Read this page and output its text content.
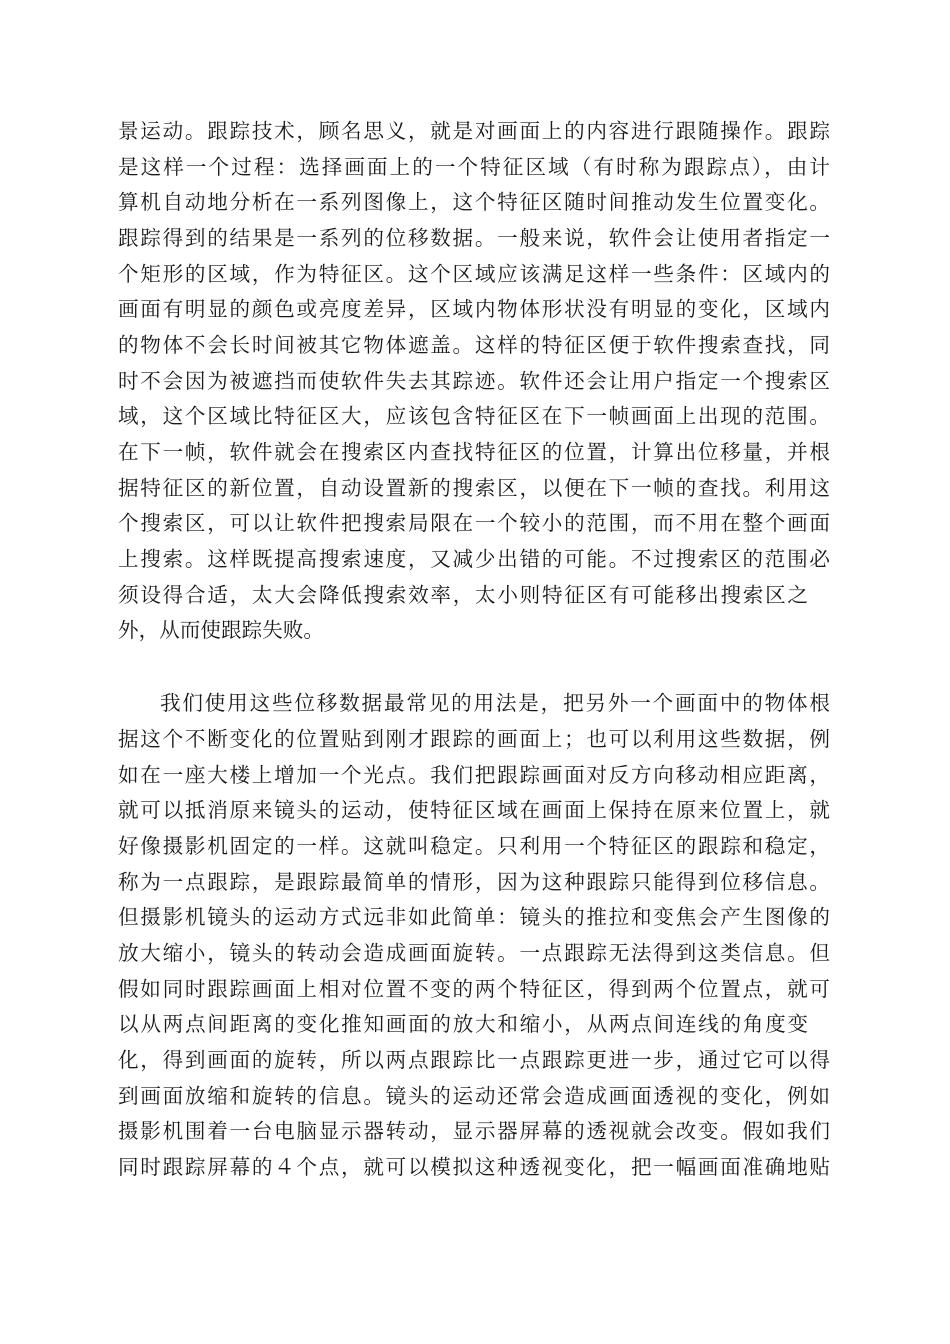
景运动。跟踪技术，顾名思义，就是对画面上的内容进行跟随操作。跟踪
是这样一个过程：选择画面上的一个特征区域（有时称为跟踪点），由计
算机自动地分析在一系列图像上，这个特征区随时间推动发生位置变化。
跟踪得到的结果是一系列的位移数据。一般来说，软件会让使用者指定一
个矩形的区域，作为特征区。这个区域应该满足这样一些条件：区域内的
画面有明显的颜色或亮度差异，区域内物体形状没有明显的变化，区域内
的物体不会长时间被其它物体遮盖。这样的特征区便于软件搜索查找，同
时不会因为被遮挡而使软件失去其踪迹。软件还会让用户指定一个搜索区
域，这个区域比特征区大，应该包含特征区在下一帧画面上出现的范围。
在下一帧，软件就会在搜索区内查找特征区的位置，计算出位移量，并根
据特征区的新位置，自动设置新的搜索区，以便在下一帧的查找。利用这
个搜索区，可以让软件把搜索局限在一个较小的范围，而不用在整个画面
上搜索。这样既提高搜索速度，又减少出错的可能。不过搜索区的范围必
须设得合适，太大会降低搜索效率，太小则特征区有可能移出搜索区之
外，从而使跟踪失败。
我们使用这些位移数据最常见的用法是，把另外一个画面中的物体根
据这个不断变化的位置贴到刚才跟踪的画面上；也可以利用这些数据，例
如在一座大楼上增加一个光点。我们把跟踪画面对反方向移动相应距离，
就可以抵消原来镜头的运动，使特征区域在画面上保持在原来位置上，就
好像摄影机固定的一样。这就叫稳定。只利用一个特征区的跟踪和稳定，
称为一点跟踪，是跟踪最简单的情形，因为这种跟踪只能得到位移信息。
但摄影机镜头的运动方式远非如此简单：镜头的推拉和变焦会产生图像的
放大缩小，镜头的转动会造成画面旋转。一点跟踪无法得到这类信息。但
假如同时跟踪画面上相对位置不变的两个特征区，得到两个位置点，就可
以从两点间距离的变化推知画面的放大和缩小，从两点间连线的角度变
化，得到画面的旋转，所以两点跟踪比一点跟踪更进一步，通过它可以得
到画面放缩和旋转的信息。镜头的运动还常会造成画面透视的变化，例如
摄影机围着一台电脑显示器转动，显示器屏幕的透视就会改变。假如我们
同时跟踪屏幕的４个点，就可以模拟这种透视变化，把一幅画面准确地贴
